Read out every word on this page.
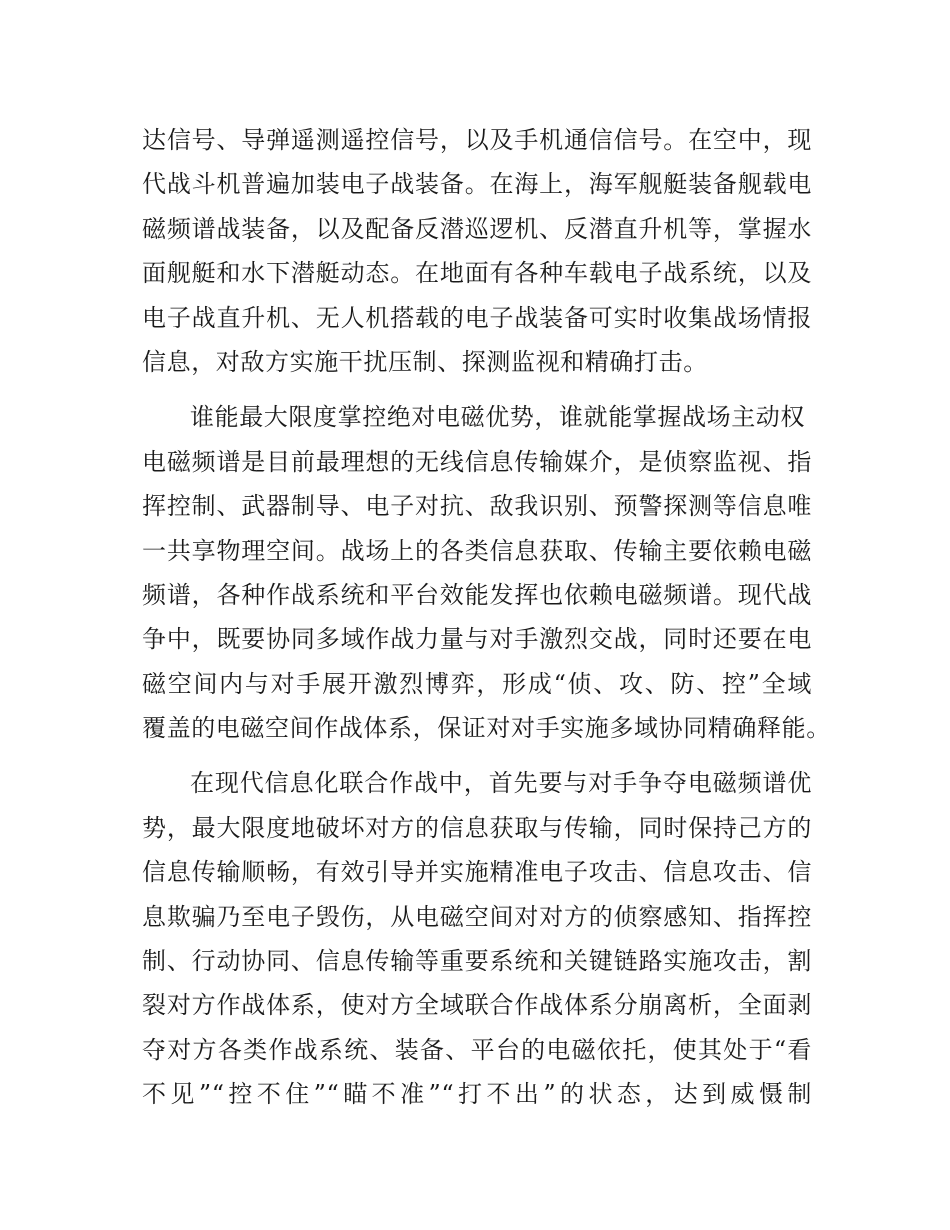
达信号、导弹遥测遥控信号，以及手机通信信号。在空中，现
代战斗机普遍加装电子战装备。在海上，海军舰艇装备舰载电
磁频谱战装备，以及配备反潜巡逻机、反潜直升机等，掌握水
面舰艇和水下潜艇动态。在地面有各种车载电子战系统，以及
电子战直升机、无人机搭载的电子战装备可实时收集战场情报
信息，对敌方实施干扰压制、探测监视和精确打击。
谁能最大限度掌控绝对电磁优势，谁就能掌握战场主动权
电磁频谱是目前最理想的无线信息传输媒介，是侦察监视、指
挥控制、武器制导、电子对抗、敌我识别、预警探测等信息唯
一共享物理空间。战场上的各类信息获取、传输主要依赖电磁
频谱，各种作战系统和平台效能发挥也依赖电磁频谱。现代战
争中，既要协同多域作战力量与对手激烈交战，同时还要在电
磁空间内与对手展开激烈博弈，形成“侦、攻、防、控”全域
覆盖的电磁空间作战体系，保证对对手实施多域协同精确释能。
在现代信息化联合作战中，首先要与对手争夺电磁频谱优
势，最大限度地破坏对方的信息获取与传输，同时保持己方的
信息传输顺畅，有效引导并实施精准电子攻击、信息攻击、信
息欺骗乃至电子毁伤，从电磁空间对对方的侦察感知、指挥控
制、行动协同、信息传输等重要系统和关键链路实施攻击，割
裂对方作战体系，使对方全域联合作战体系分崩离析，全面剥
夺对方各类作战系统、装备、平台的电磁依托，使其处于“看
不见”“控不住”“瞄不准”“打不出”的状态，达到威慑制
